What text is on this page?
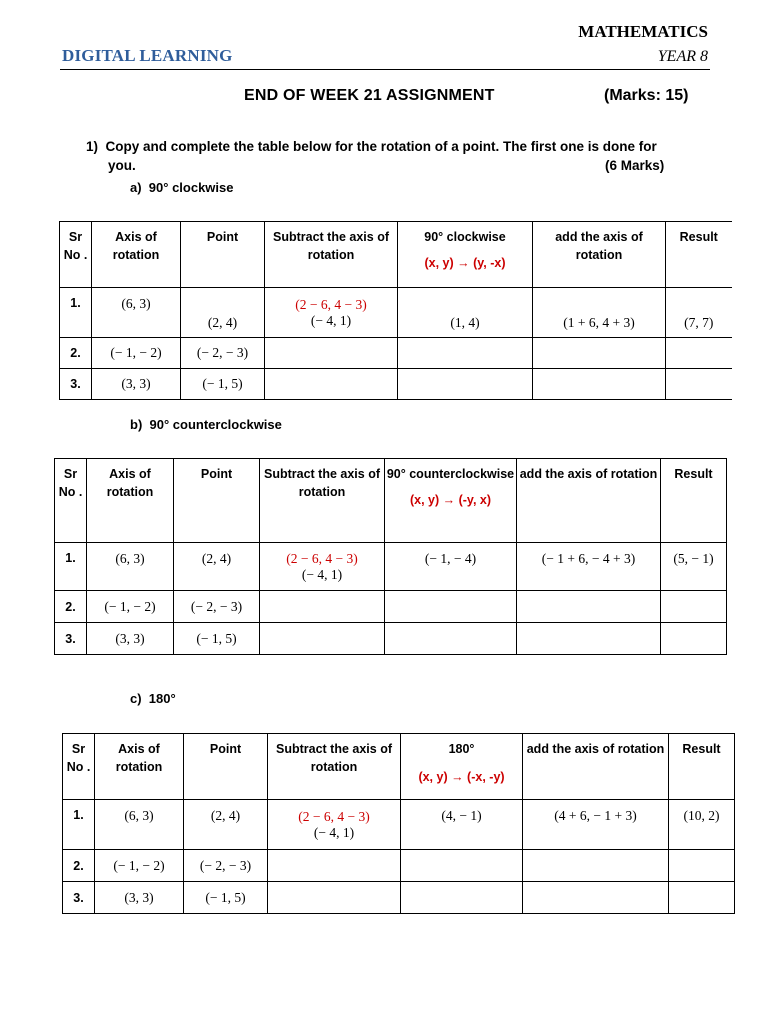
MATHEMATICS
DIGITAL LEARNING	YEAR 8
END OF WEEK 21 ASSIGNMENT	(Marks: 15)
1) Copy and complete the table below for the rotation of a point. The first one is done for
you.	(6 Marks)
a) 90° clockwise
Sr No .	Axis of rotation	Point	Subtract the axis of rotation	90° clockwise
(x, y) → (y, -x)	add the axis of rotation	Result
1.	(6, 3)	(2, 4)	(2 − 6, 4 − 3)
(− 4, 1)	(1, 4)	(1 + 6, 4 + 3)	(7, 7)
2.	(− 1, − 2)	(− 2, − 3)				
3.	(3, 3)	(− 1, 5)				
b) 90° counterclockwise
Sr No .	Axis of rotation	Point	Subtract the axis of rotation	90° counterclockwise
(x, y) → (-y, x)	add the axis of rotation	Result
1.	(6, 3)	(2, 4)	(2 − 6, 4 − 3)
(− 4, 1)	(− 1, − 4)	(− 1 + 6, − 4 + 3)	(5, − 1)
2.	(− 1, − 2)	(− 2, − 3)				
3.	(3, 3)	(− 1, 5)				
c) 180°
Sr No .	Axis of rotation	Point	Subtract the axis of rotation	180°
(x, y) → (-x, -y)	add the axis of rotation	Result
1.	(6, 3)	(2, 4)	(2 − 6, 4 − 3)
(− 4, 1)	(4, − 1)	(4 + 6, − 1 + 3)	(10, 2)
2.	(− 1, − 2)	(− 2, − 3)				
3.	(3, 3)	(− 1, 5)				
